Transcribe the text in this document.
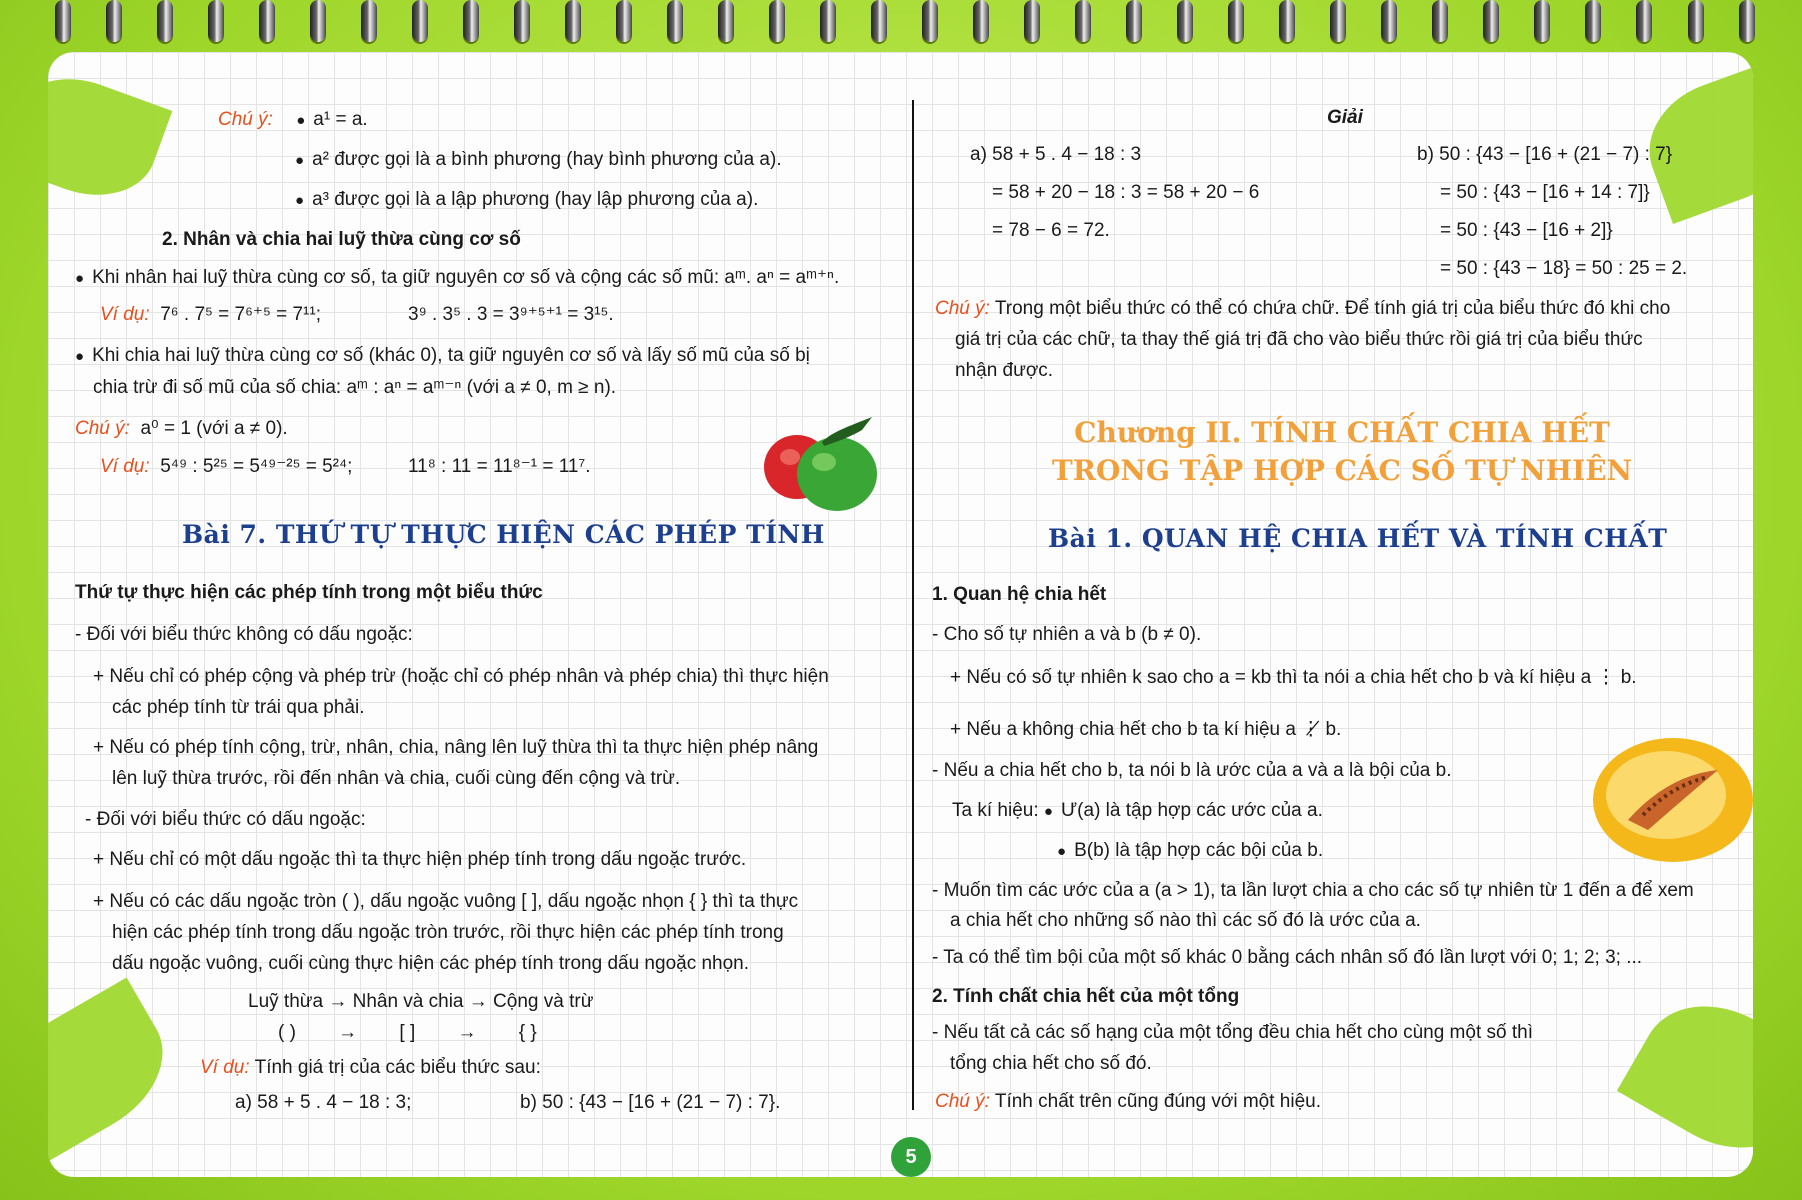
Chú ý: ● a¹ = a.
● a² được gọi là a bình phương (hay bình phương của a).
● a³ được gọi là a lập phương (hay lập phương của a).
2. Nhân và chia hai luỹ thừa cùng cơ số
● Khi nhân hai luỹ thừa cùng cơ số, ta giữ nguyên cơ số và cộng các số mũ: aᵐ. aⁿ = aᵐ⁺ⁿ.
Ví dụ: 7⁶ . 7⁵ = 7⁶⁺⁵ = 7¹¹;	3⁹ . 3⁵ . 3 = 3⁹⁺⁵⁺¹ = 3¹⁵.
● Khi chia hai luỹ thừa cùng cơ số (khác 0), ta giữ nguyên cơ số và lấy số mũ của số bị
chia trừ đi số mũ của số chia: aᵐ : aⁿ = aᵐ⁻ⁿ (với a ≠ 0, m ≥ n).
Chú ý: a⁰ = 1 (với a ≠ 0).
Ví dụ: 5⁴⁹ : 5²⁵ = 5⁴⁹⁻²⁵ = 5²⁴;	11⁸ : 11 = 11⁸⁻¹ = 11⁷.
Bài 7. THỨ TỰ THỰC HIỆN CÁC PHÉP TÍNH
Thứ tự thực hiện các phép tính trong một biểu thức
- Đối với biểu thức không có dấu ngoặc:
+ Nếu chỉ có phép cộng và phép trừ (hoặc chỉ có phép nhân và phép chia) thì thực hiện
các phép tính từ trái qua phải.
+ Nếu có phép tính cộng, trừ, nhân, chia, nâng lên luỹ thừa thì ta thực hiện phép nâng
lên luỹ thừa trước, rồi đến nhân và chia, cuối cùng đến cộng và trừ.
- Đối với biểu thức có dấu ngoặc:
+ Nếu chỉ có một dấu ngoặc thì ta thực hiện phép tính trong dấu ngoặc trước.
+ Nếu có các dấu ngoặc tròn ( ), dấu ngoặc vuông [ ], dấu ngoặc nhọn { } thì ta thực
hiện các phép tính trong dấu ngoặc tròn trước, rồi thực hiện các phép tính trong
dấu ngoặc vuông, cuối cùng thực hiện các phép tính trong dấu ngoặc nhọn.
Luỹ thừa → Nhân và chia → Cộng và trừ
( )        →        [ ]        →        { }
Ví dụ: Tính giá trị của các biểu thức sau:
a) 58 + 5 . 4 − 18 : 3;	b) 50 : {43 − [16 + (21 − 7) : 7}.
Giải
a) 58 + 5 . 4 − 18 : 3
= 58 + 20 − 18 : 3 = 58 + 20 − 6
= 78 − 6 = 72.
b) 50 : {43 − [16 + (21 − 7) : 7}
= 50 : {43 − [16 + 14 : 7]}
= 50 : {43 − [16 + 2]}
= 50 : {43 − 18} = 50 : 25 = 2.
Chú ý: Trong một biểu thức có thể có chứa chữ. Để tính giá trị của biểu thức đó khi cho
giá trị của các chữ, ta thay thế giá trị đã cho vào biểu thức rồi giá trị của biểu thức
nhận được.
Chương II. TÍNH CHẤT CHIA HẾT
TRONG TẬP HỢP CÁC SỐ TỰ NHIÊN
Bài 1. QUAN HỆ CHIA HẾT VÀ TÍNH CHẤT
1. Quan hệ chia hết
- Cho số tự nhiên a và b (b ≠ 0).
+ Nếu có số tự nhiên k sao cho a = kb thì ta nói a chia hết cho b và kí hiệu a ⋮ b.
+ Nếu a không chia hết cho b ta kí hiệu a ⋮̸ b.
- Nếu a chia hết cho b, ta nói b là ước của a và a là bội của b.
Ta kí hiệu: ● Ư(a) là tập hợp các ước của a.
● B(b) là tập hợp các bội của b.
- Muốn tìm các ước của a (a > 1), ta lần lượt chia a cho các số tự nhiên từ 1 đến a để xem
a chia hết cho những số nào thì các số đó là ước của a.
- Ta có thể tìm bội của một số khác 0 bằng cách nhân số đó lần lượt với 0; 1; 2; 3; ...
2. Tính chất chia hết của một tổng
- Nếu tất cả các số hạng của một tổng đều chia hết cho cùng một số thì
tổng chia hết cho số đó.
Chú ý: Tính chất trên cũng đúng với một hiệu.
5
